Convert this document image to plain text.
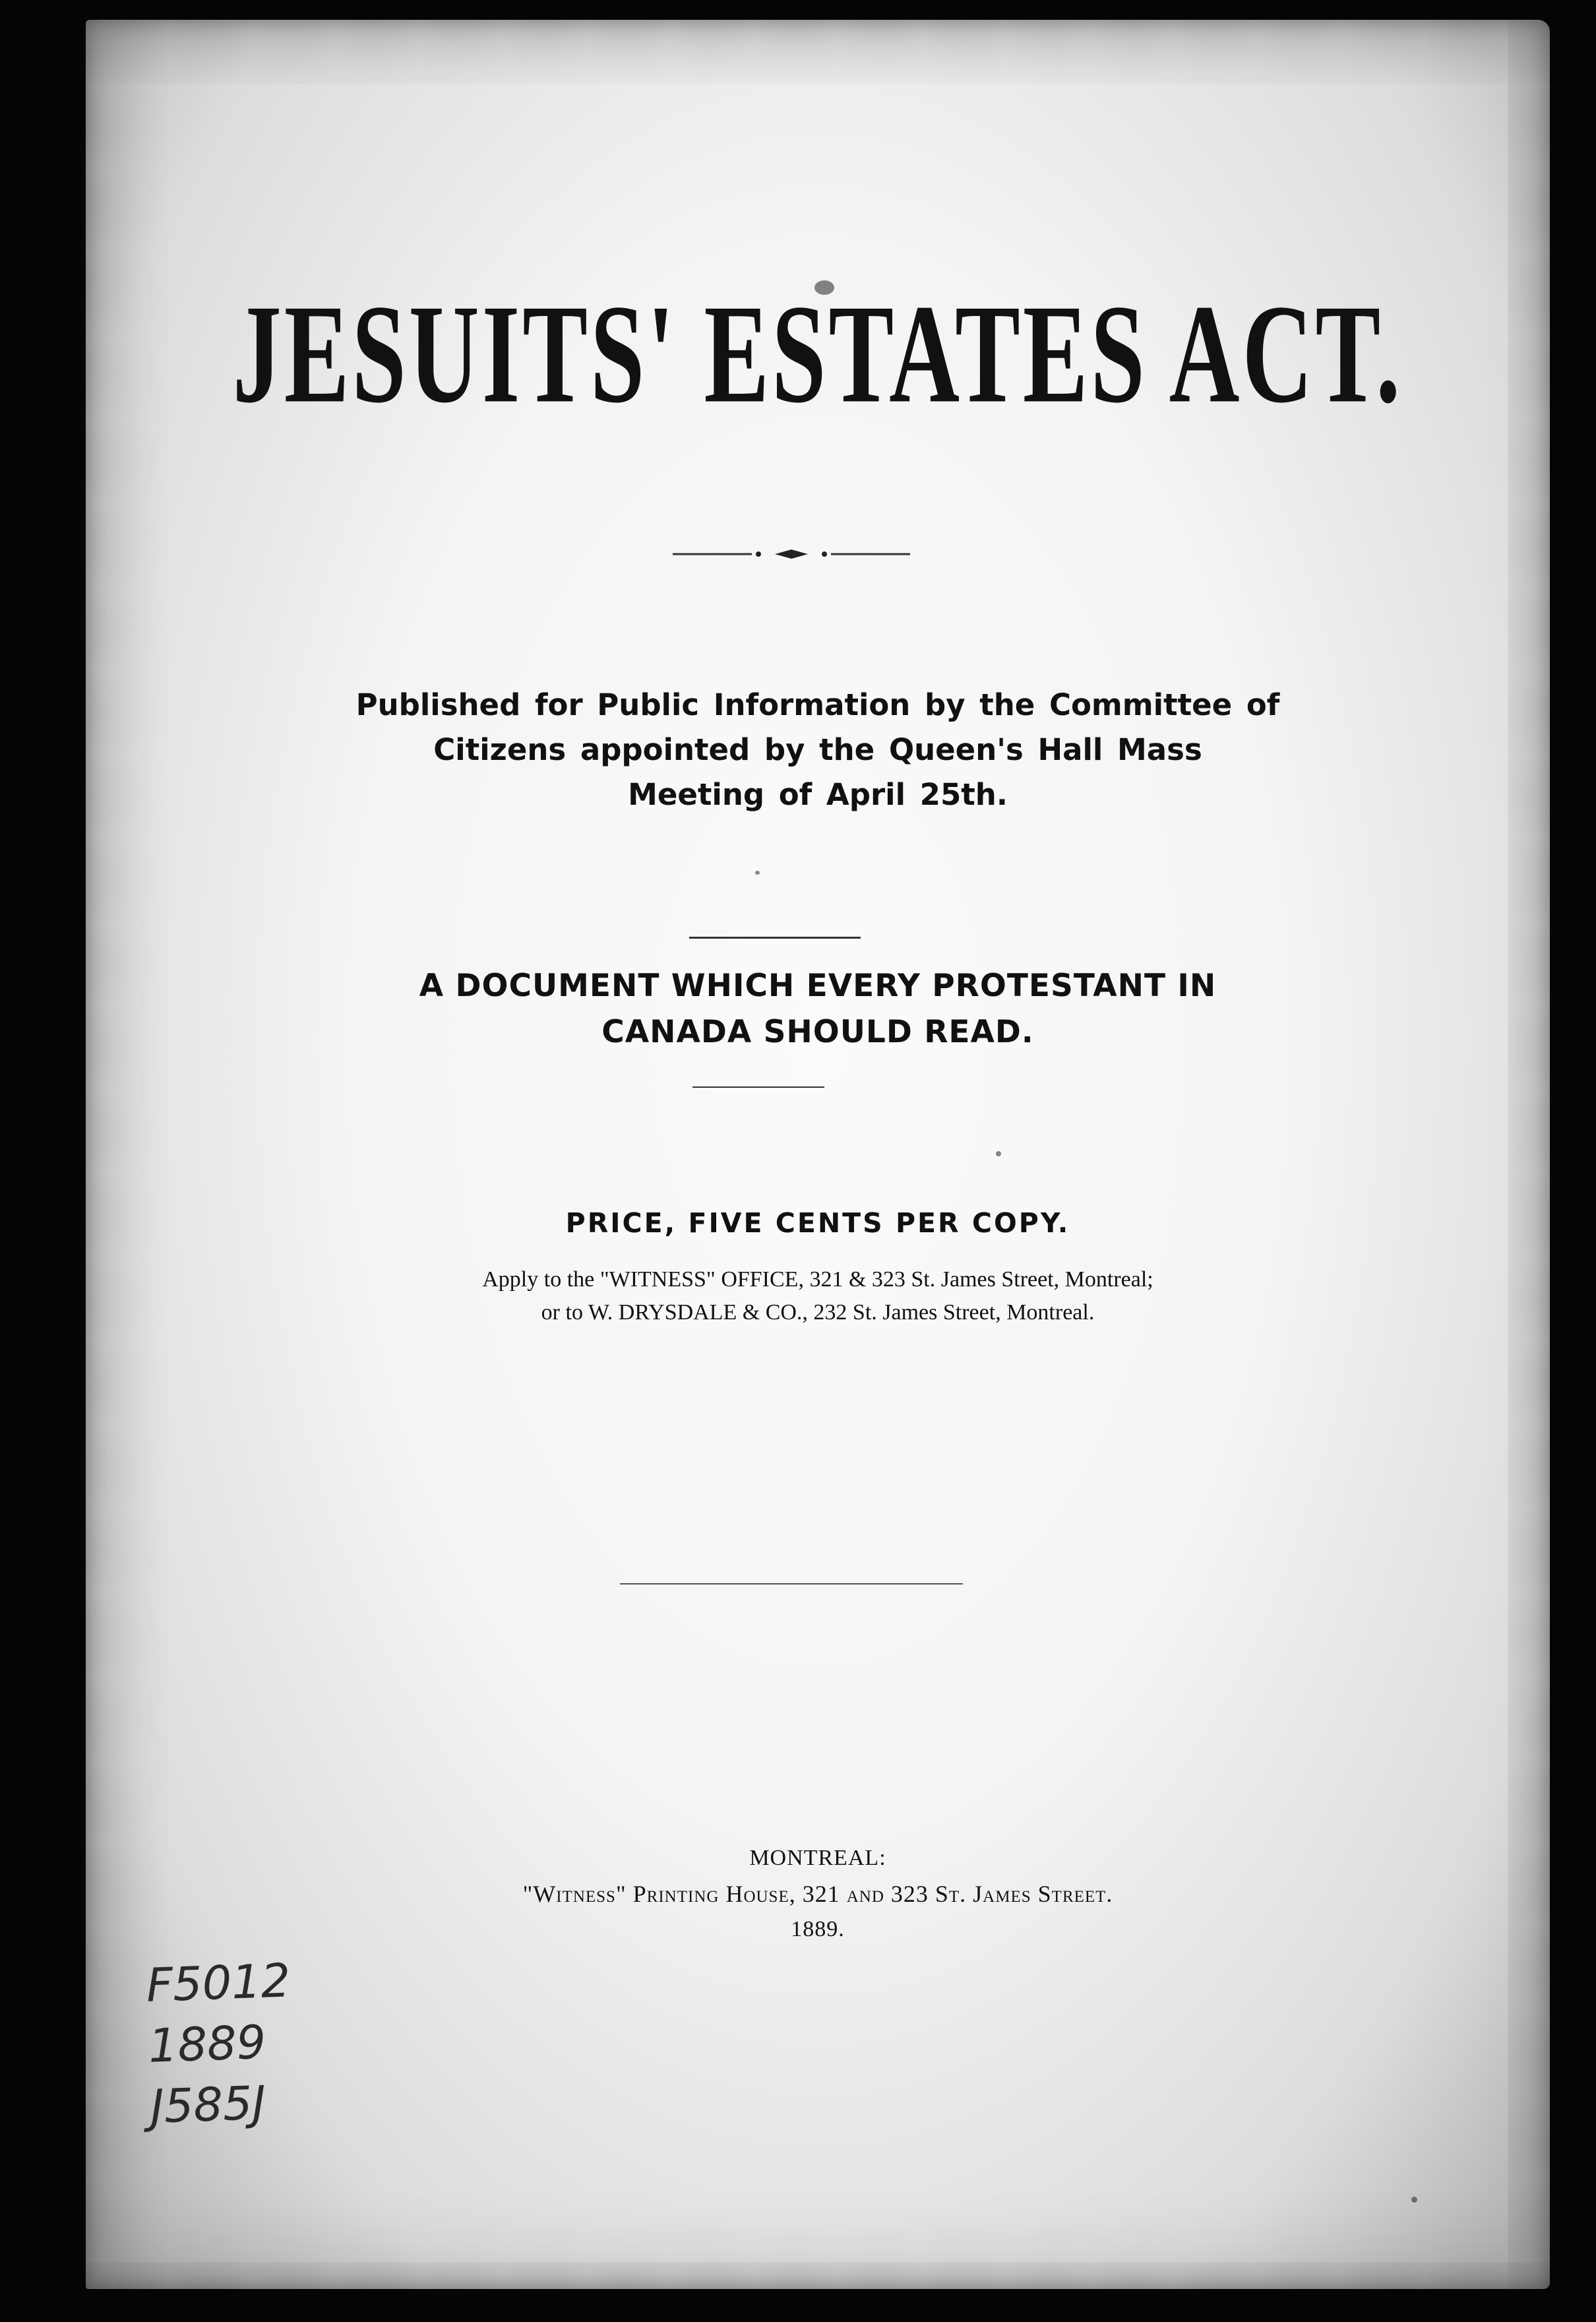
JESUITS' ESTATES ACT.
Published for Public Information by the Committee of
Citizens appointed by the Queen's Hall Mass
Meeting of April 25th.
A DOCUMENT WHICH EVERY PROTESTANT IN
CANADA SHOULD READ.
PRICE, FIVE CENTS PER COPY.
Apply to the "WITNESS" OFFICE, 321 & 323 St. James Street, Montreal;
or to W. DRYSDALE & CO., 232 St. James Street, Montreal.
MONTREAL:
"Witness" Printing House, 321 and 323 St. James Street.
1889.
F5012
1889
J585J
